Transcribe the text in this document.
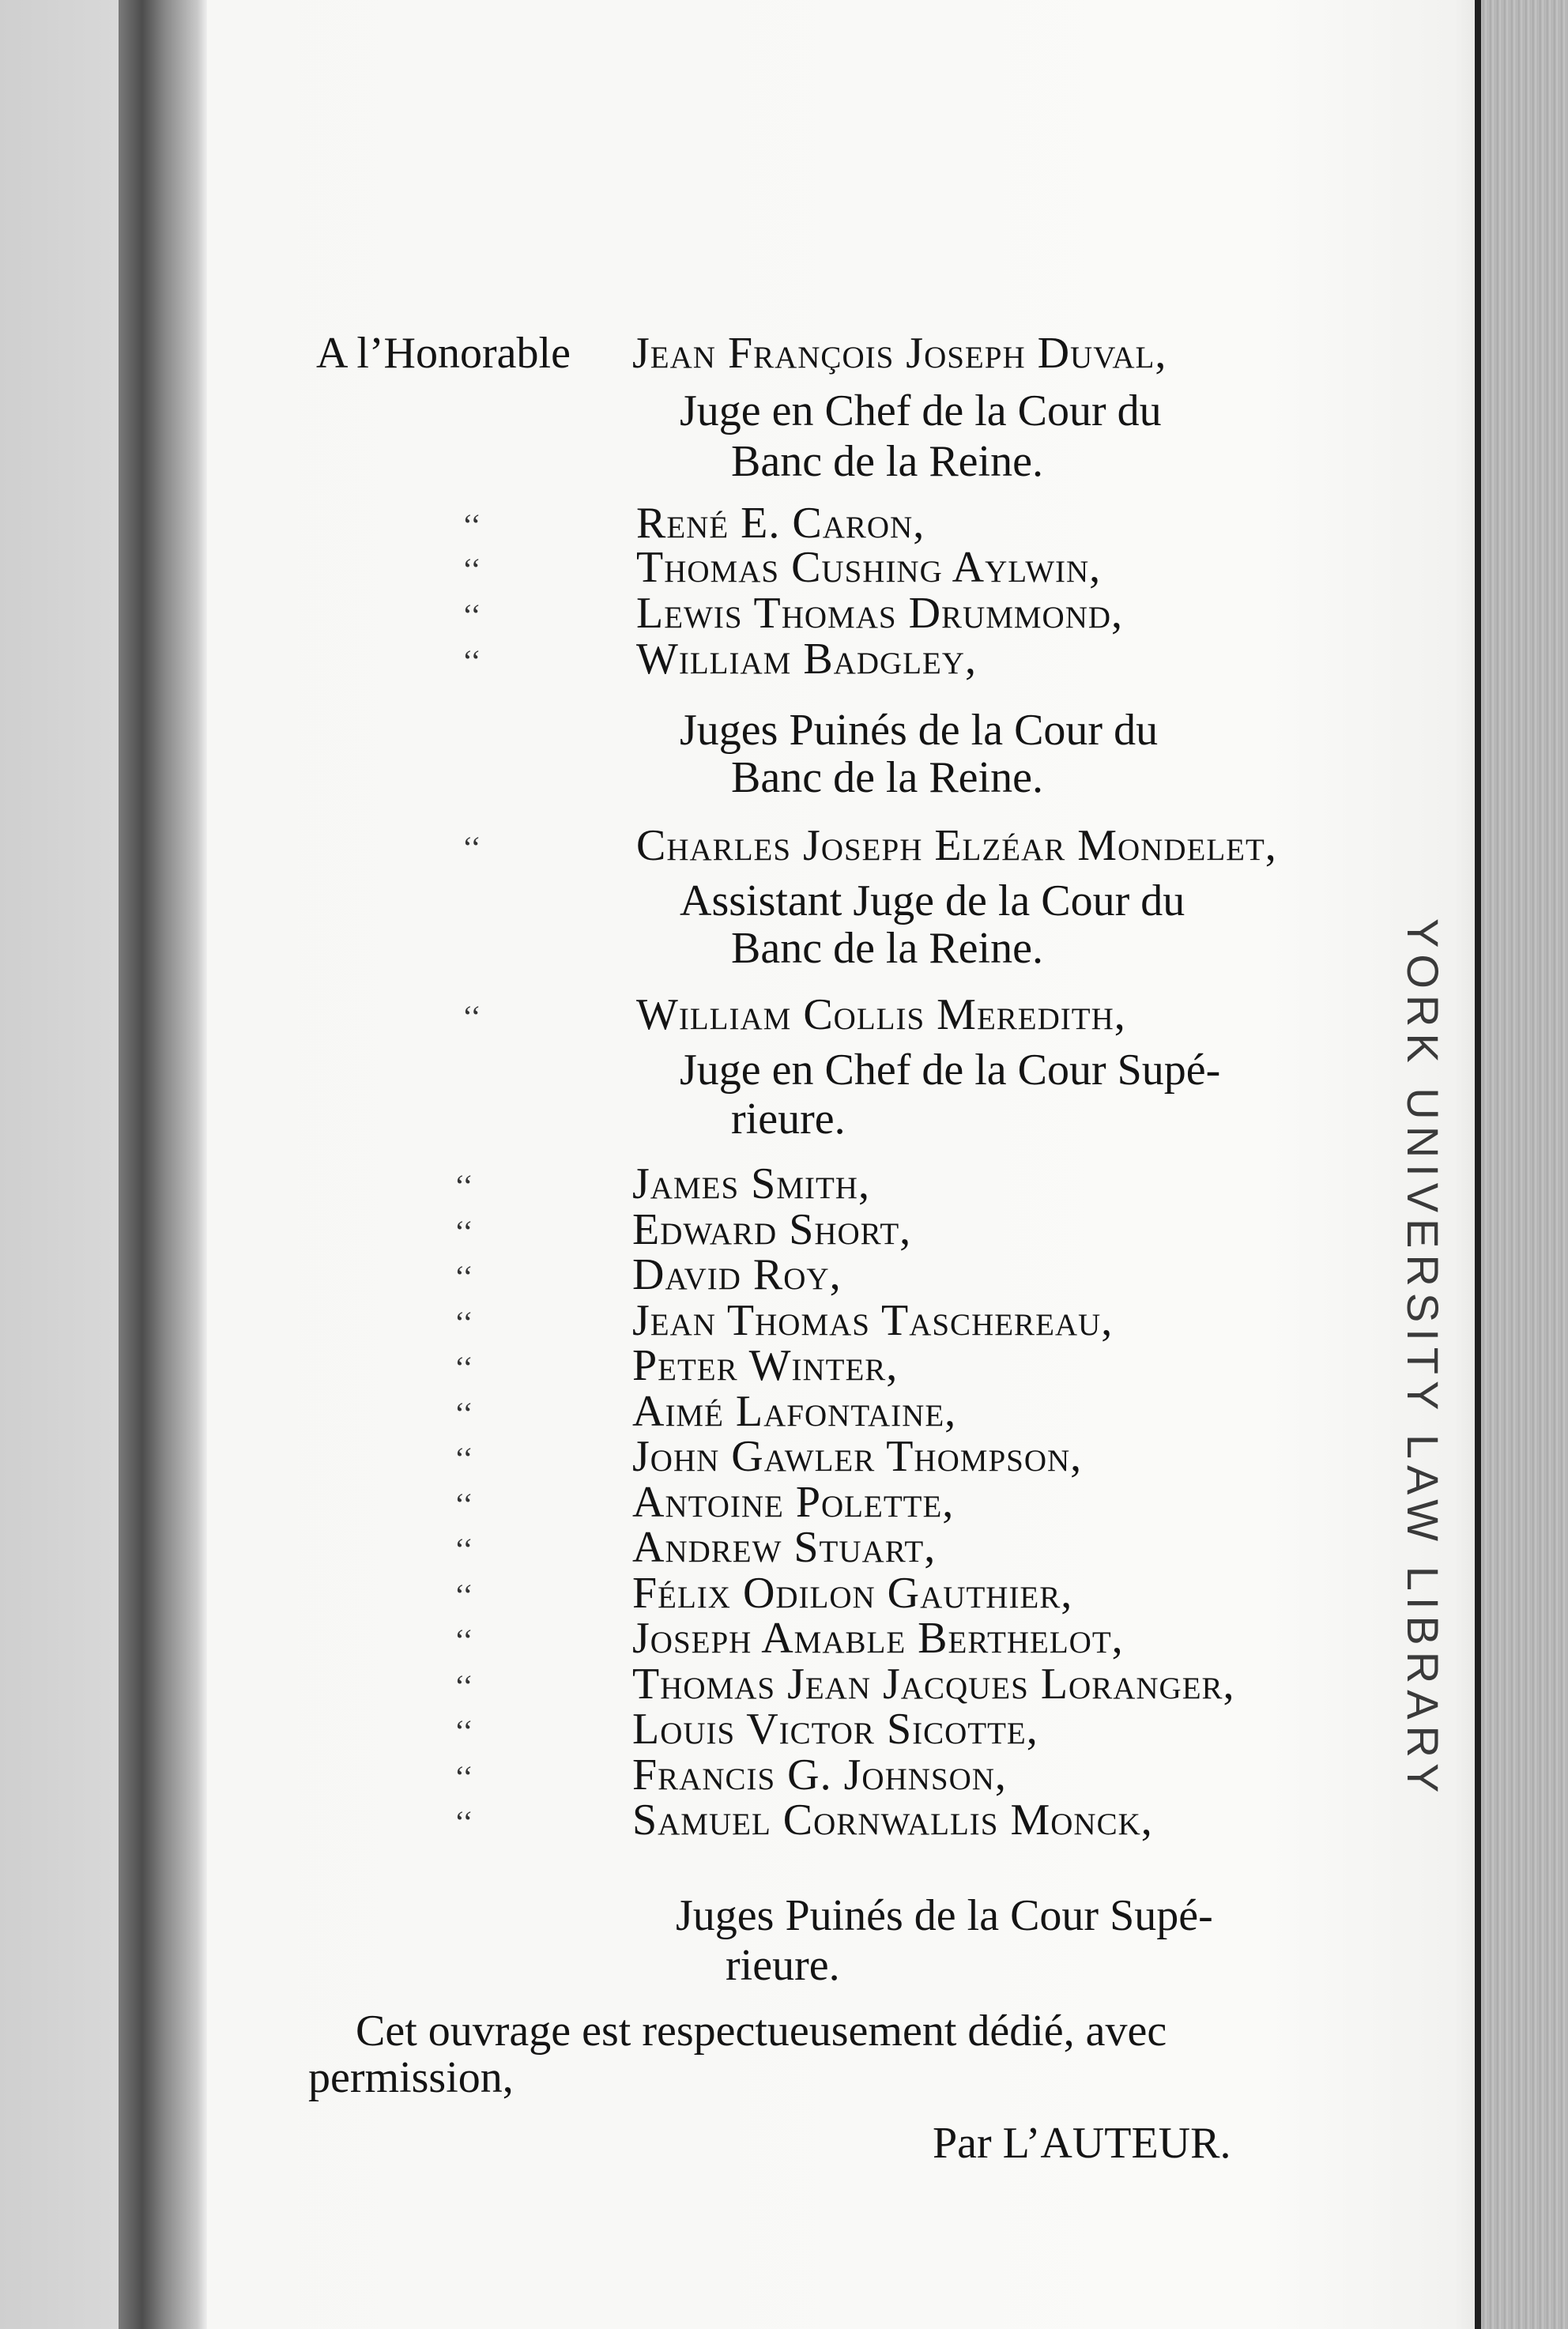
YORK UNIVERSITY LAW LIBRARY
A l’Honorable Jean François Joseph Duval,
Juge en Chef de la Cour du
Banc de la Reine.
‘‘	René E. Caron,
‘‘	Thomas Cushing Aylwin,
‘‘	Lewis Thomas Drummond,
‘‘	William Badgley,
Juges Puinés de la Cour du
Banc de la Reine.
‘‘	Charles Joseph Elzéar Mondelet,
Assistant Juge de la Cour du
Banc de la Reine.
‘‘	William Collis Meredith,
Juge en Chef de la Cour Supé-
rieure.
‘‘	James Smith,
‘‘	Edward Short,
‘‘	David Roy,
‘‘	Jean Thomas Taschereau,
‘‘	Peter Winter,
‘‘	Aimé Lafontaine,
‘‘	John Gawler Thompson,
‘‘	Antoine Polette,
‘‘	Andrew Stuart,
‘‘	Félix Odilon Gauthier,
‘‘	Joseph Amable Berthelot,
‘‘	Thomas Jean Jacques Loranger,
‘‘	Louis Victor Sicotte,
‘‘	Francis G. Johnson,
‘‘	Samuel Cornwallis Monck,
Juges Puinés de la Cour Supé-
rieure.
Cet ouvrage est respectueusement dédié, avec
permission,
Par L’AUTEUR.
